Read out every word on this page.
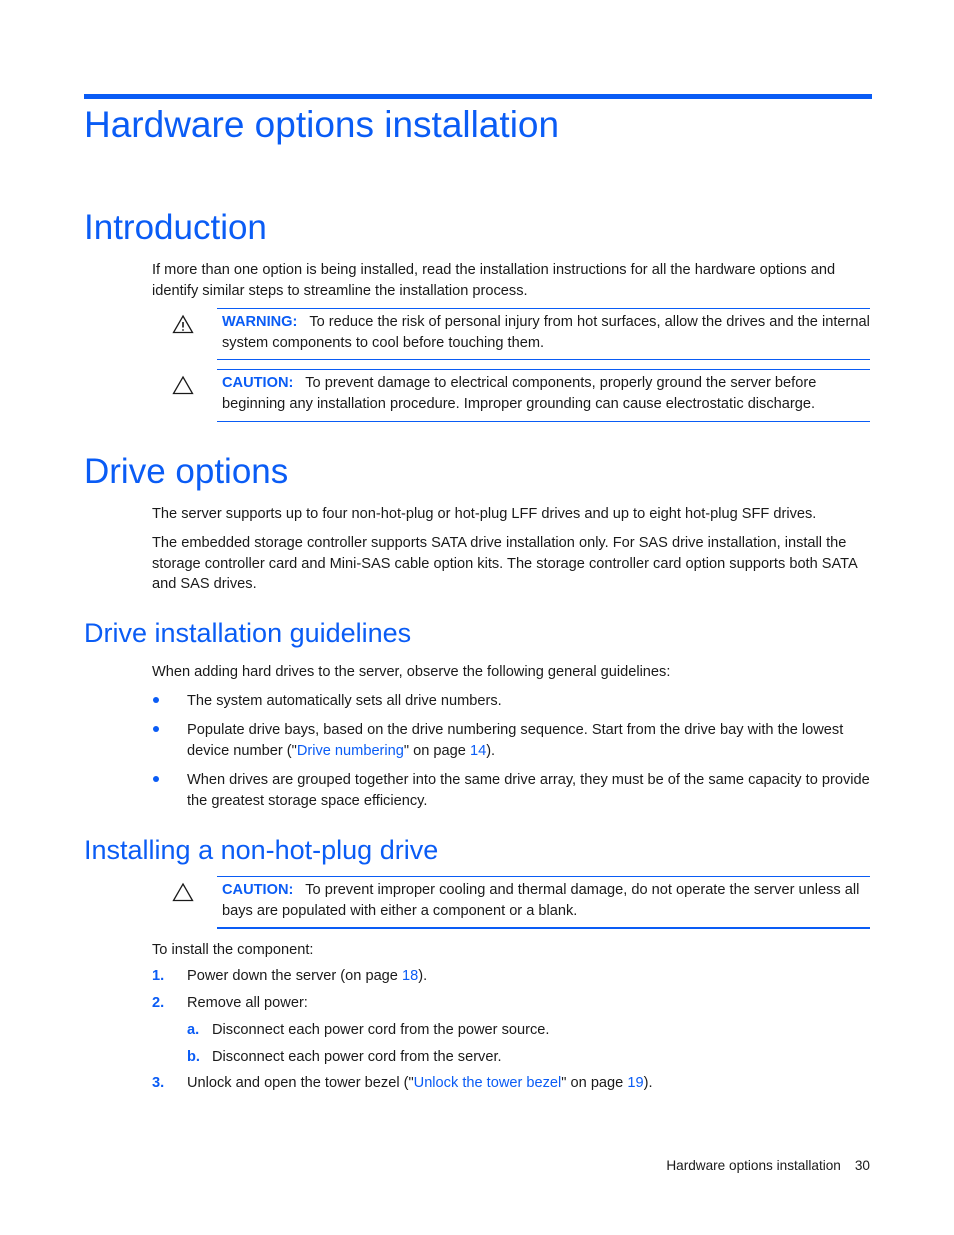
Hardware options installation
Introduction

If more than one option is being installed, read the installation instructions for all the hardware options and identify similar steps to streamline the installation process.

WARNING: To reduce the risk of personal injury from hot surfaces, allow the drives and the internal system components to cool before touching them.
CAUTION: To prevent damage to electrical components, properly ground the server before beginning any installation procedure. Improper grounding can cause electrostatic discharge.
Drive options

The server supports up to four non-hot-plug or hot-plug LFF drives and up to eight hot-plug SFF drives.

The embedded storage controller supports SATA drive installation only. For SAS drive installation, install the storage controller card and Mini-SAS cable option kits. The storage controller card option supports both SATA and SAS drives.

Drive installation guidelines

When adding hard drives to the server, observe the following general guidelines:

The system automatically sets all drive numbers.
Populate drive bays, based on the drive numbering sequence. Start from the drive bay with the lowest device number ("Drive numbering" on page 14).
When drives are grouped together into the same drive array, they must be of the same capacity to provide the greatest storage space efficiency.
Installing a non-hot-plug drive
CAUTION: To prevent improper cooling and thermal damage, do not operate the server unless all bays are populated with either a component or a blank.

To install the component:

1. Power down the server (on page 18).
2. Remove all power:
a. Disconnect each power cord from the power source.
b. Disconnect each power cord from the server.
3. Unlock and open the tower bezel ("Unlock the tower bezel" on page 19).
Hardware options installation 30
